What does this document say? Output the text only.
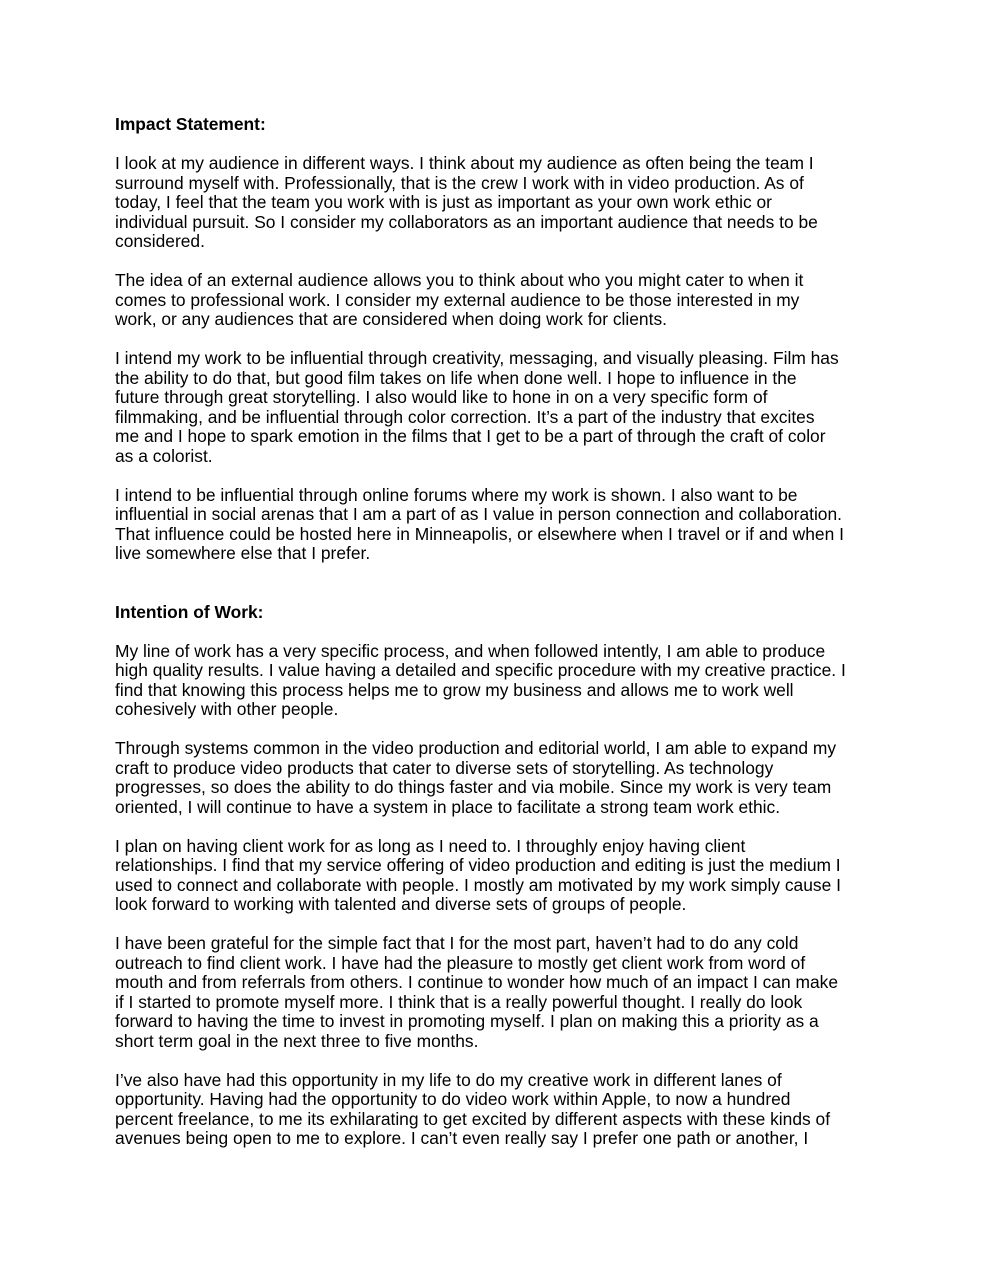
Impact Statement:

I look at my audience in different ways. I think about my audience as often being the team I
surround myself with. Professionally, that is the crew I work with in video production. As of
today, I feel that the team you work with is just as important as your own work ethic or
individual pursuit. So I consider my collaborators as an important audience that needs to be
considered.

The idea of an external audience allows you to think about who you might cater to when it
comes to professional work. I consider my external audience to be those interested in my
work, or any audiences that are considered when doing work for clients.

I intend my work to be influential through creativity, messaging, and visually pleasing. Film has
the ability to do that, but good film takes on life when done well. I hope to influence in the
future through great storytelling. I also would like to hone in on a very specific form of
filmmaking, and be influential through color correction. It’s a part of the industry that excites
me and I hope to spark emotion in the films that I get to be a part of through the craft of color
as a colorist.

I intend to be influential through online forums where my work is shown. I also want to be
influential in social arenas that I am a part of as I value in person connection and collaboration.
That influence could be hosted here in Minneapolis, or elsewhere when I travel or if and when I
live somewhere else that I prefer.

Intention of Work:

My line of work has a very specific process, and when followed intently, I am able to produce
high quality results. I value having a detailed and specific procedure with my creative practice. I
find that knowing this process helps me to grow my business and allows me to work well
cohesively with other people.

Through systems common in the video production and editorial world, I am able to expand my
craft to produce video products that cater to diverse sets of storytelling. As technology
progresses, so does the ability to do things faster and via mobile. Since my work is very team
oriented, I will continue to have a system in place to facilitate a strong team work ethic.

I plan on having client work for as long as I need to. I throughly enjoy having client
relationships. I find that my service offering of video production and editing is just the medium I
used to connect and collaborate with people. I mostly am motivated by my work simply cause I
look forward to working with talented and diverse sets of groups of people.

I have been grateful for the simple fact that I for the most part, haven’t had to do any cold
outreach to find client work. I have had the pleasure to mostly get client work from word of
mouth and from referrals from others. I continue to wonder how much of an impact I can make
if I started to promote myself more. I think that is a really powerful thought. I really do look
forward to having the time to invest in promoting myself. I plan on making this a priority as a
short term goal in the next three to five months.

I’ve also have had this opportunity in my life to do my creative work in different lanes of
opportunity. Having had the opportunity to do video work within Apple, to now a hundred
percent freelance, to me its exhilarating to get excited by different aspects with these kinds of
avenues being open to me to explore. I can’t even really say I prefer one path or another, I
